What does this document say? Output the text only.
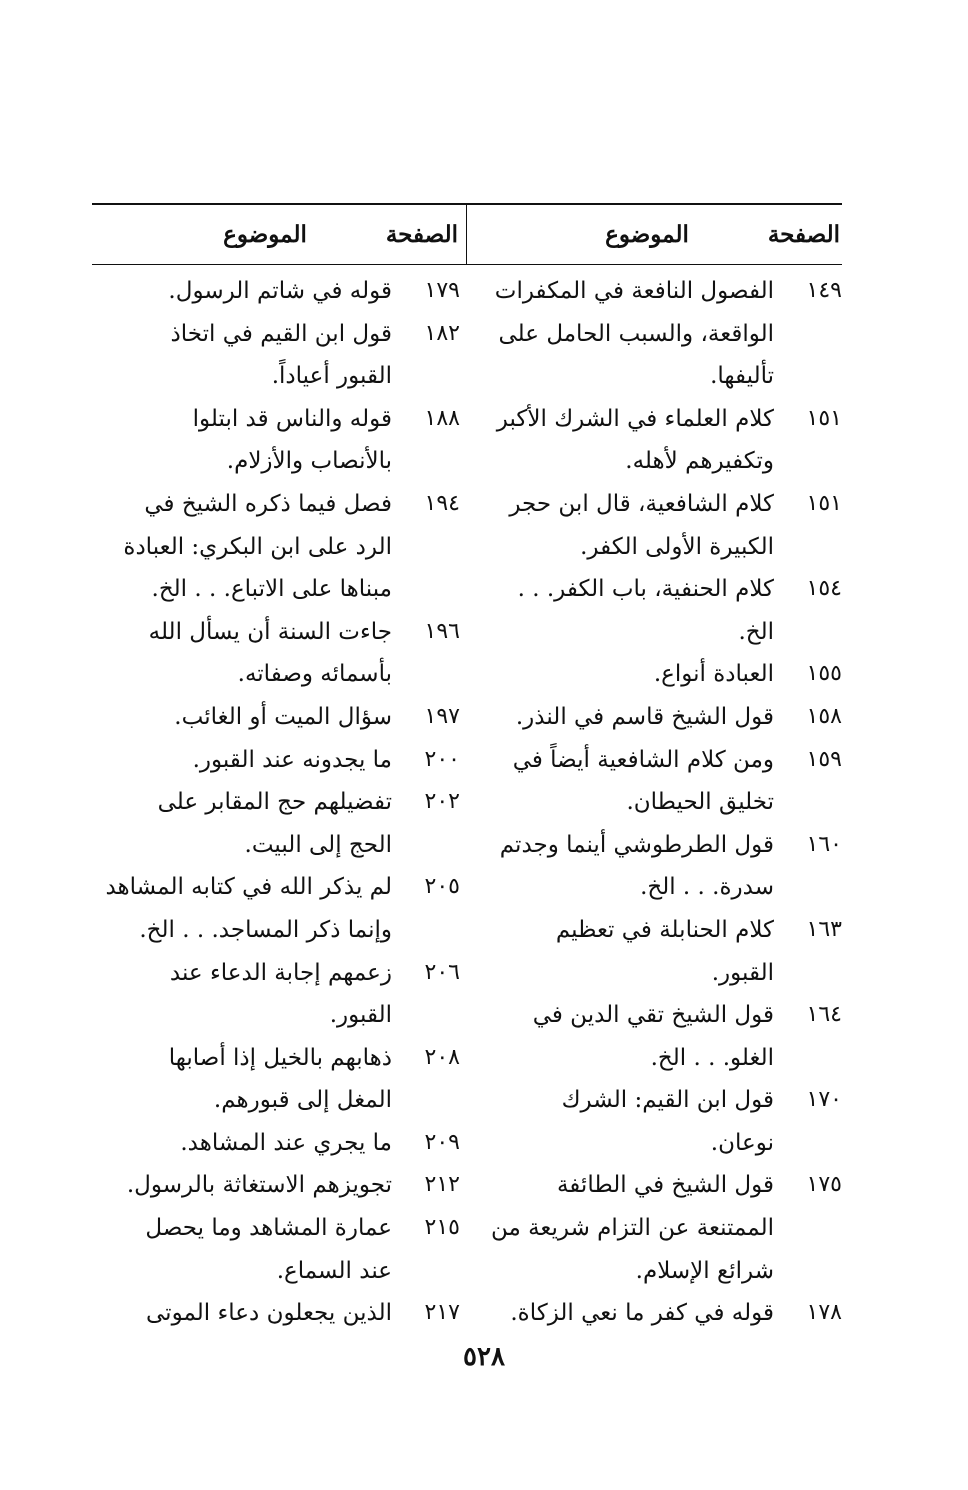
الصفحة
الموضوع
١٤٩
الفصول النافعة في المكفرات
الواقعة، والسبب الحامل على
تأليفها.
١٥١
كلام العلماء في الشرك الأكبر
وتكفيرهم لأهله.
١٥١
كلام الشافعية، قال ابن حجر
الكبيرة الأولى الكفر.
١٥٤
كلام الحنفية، باب الكفر. . .
الخ.
١٥٥
العبادة أنواع.
١٥٨
قول الشيخ قاسم في النذر.
١٥٩
ومن كلام الشافعية أيضاً في
تخليق الحيطان.
١٦٠
قول الطرطوشي أينما وجدتم
سدرة. . . الخ.
١٦٣
كلام الحنابلة في تعظيم
القبور.
١٦٤
قول الشيخ تقي الدين في
الغلو. . . الخ.
١٧٠
قول ابن القيم: الشرك
نوعان.
١٧٥
قول الشيخ في الطائفة
الممتنعة عن التزام شريعة من
شرائع الإسلام.
١٧٨
قوله في كفر ما نعي الزكاة.
الصفحة
الموضوع
١٧٩
قوله في شاتم الرسول.
١٨٢
قول ابن القيم في اتخاذ
القبور أعياداً.
١٨٨
قوله والناس قد ابتلوا
بالأنصاب والأزلام.
١٩٤
فصل فيما ذكره الشيخ في
الرد على ابن البكري: العبادة
مبناها على الاتباع. . . الخ.
١٩٦
جاءت السنة أن يسأل الله
بأسمائه وصفاته.
١٩٧
سؤال الميت أو الغائب.
٢٠٠
ما يجدونه عند القبور.
٢٠٢
تفضيلهم حج المقابر على
الحج إلى البيت.
٢٠٥
لم يذكر الله في كتابه المشاهد
وإنما ذكر المساجد. . . الخ.
٢٠٦
زعمهم إجابة الدعاء عند
القبور.
٢٠٨
ذهابهم بالخيل إذا أصابها
المغل إلى قبورهم.
٢٠٩
ما يجري عند المشاهد.
٢١٢
تجويزهم الاستغاثة بالرسول.
٢١٥
عمارة المشاهد وما يحصل
عند السماع.
٢١٧
الذين يجعلون دعاء الموتى
٥٢٨
